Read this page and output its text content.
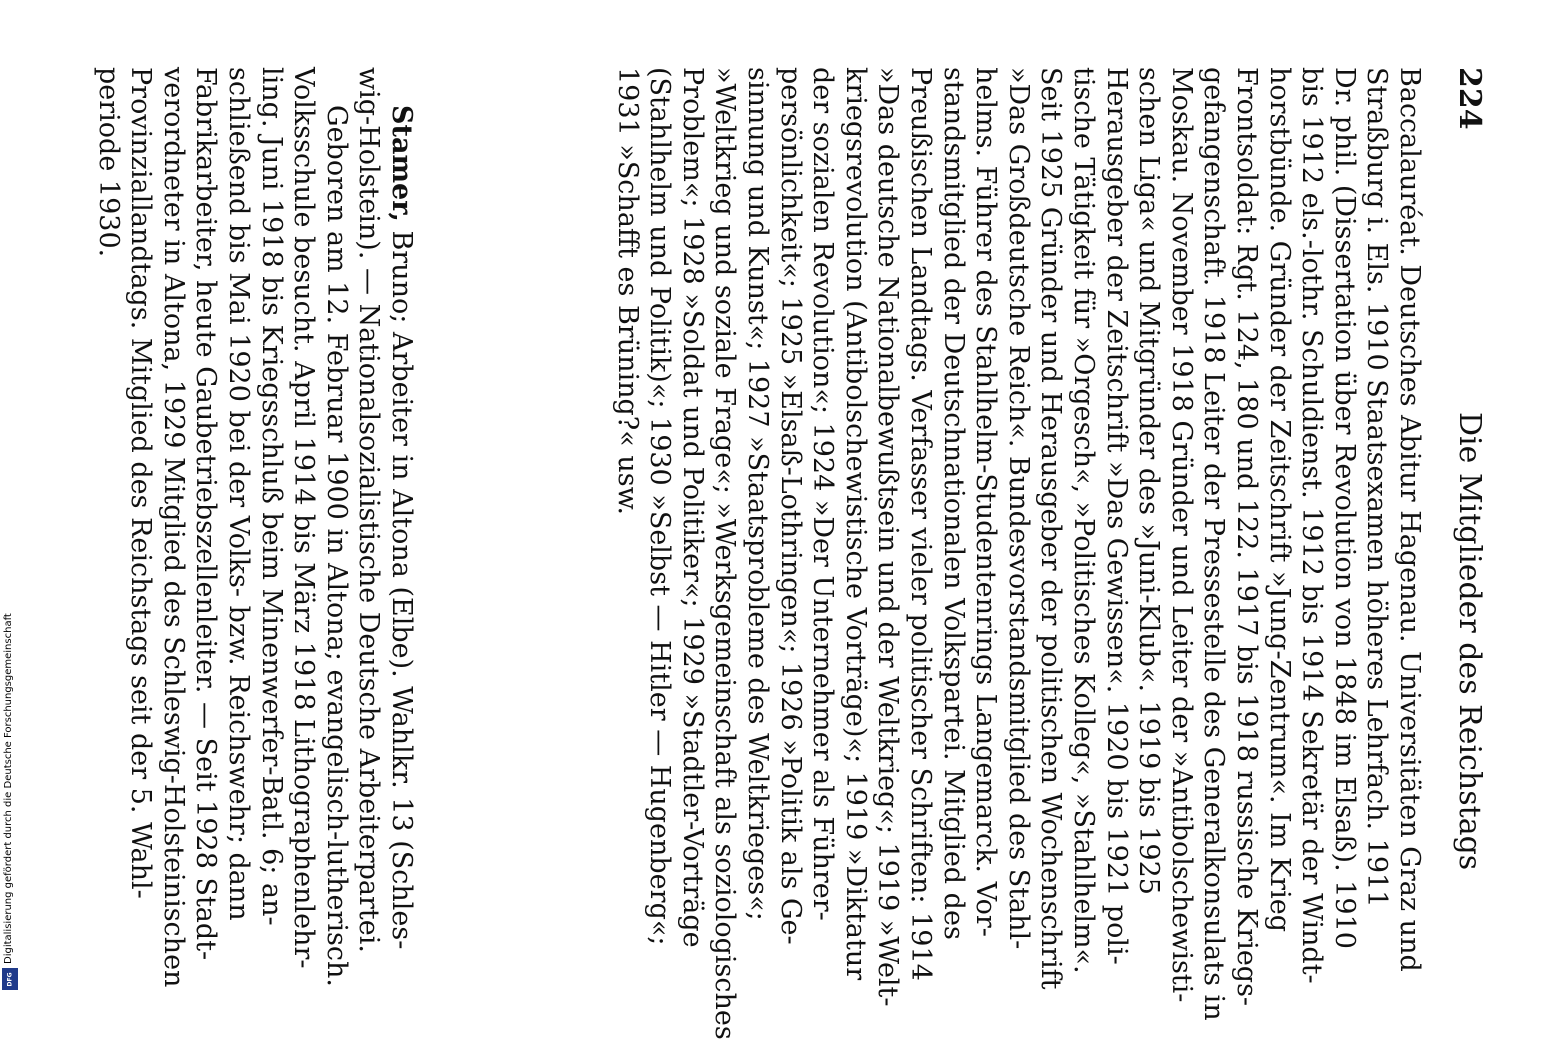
224
Die Mitglieder des Reichstags
Stamer, Bruno; Arbeiter in Altona (Elbe). Wahlkr. 13 (Schles-	Baccalauréat. Deutsches Abitur Hagenau. Universitäten Graz und
Straßburg i. Els. 1910 Staatsexamen höheres Lehrfach. 1911
Dr. phil. (Dissertation über Revolution von 1848 im Elsaß). 1910
bis 1912 els.-lothr. Schuldienst. 1912 bis 1914 Sekretär der Windt-
horstbünde. Gründer der Zeitschrift »Jung-Zentrum«. Im Krieg
Frontsoldat: Rgt. 124, 180 und 122. 1917 bis 1918 russische Kriegs-
gefangenschaft. 1918 Leiter der Pressestelle des Generalkonsulats in
Moskau. November 1918 Gründer und Leiter der »Antibolschewisti-
schen Liga« und Mitgründer des »Juni-Klub«. 1919 bis 1925
Herausgeber der Zeitschrift »Das Gewissen«. 1920 bis 1921 poli-
tische Tätigkeit für »Orgesch«, »Politisches Kolleg«, »Stahlhelm«.
Seit 1925 Gründer und Herausgeber der politischen Wochenschrift
»Das Großdeutsche Reich«. Bundesvorstandsmitglied des Stahl-
helms. Führer des Stahlhelm-Studentenrings Langemarck. Vor-
standsmitglied der Deutschnationalen Volkspartei. Mitglied des
Preußischen Landtags. Verfasser vieler politischer Schriften: 1914
»Das deutsche Nationalbewußtsein und der Weltkrieg«; 1919 »Welt-
kriegsrevolution (Antibolschewistische Vorträge)«; 1919 »Diktatur
der sozialen Revolution«; 1924 »Der Unternehmer als Führer-
persönlichkeit«; 1925 »Elsaß-Lothringen«; 1926 »Politik als Ge-
sinnung und Kunst«; 1927 »Staatsprobleme des Weltkrieges«;
»Weltkrieg und soziale Frage«; »Werksgemeinschaft als soziologisches
Problem«; 1928 »Soldat und Politiker«; 1929 »Stadtler-Vorträge
(Stahlhelm und Politik)«; 1930 »Selbst — Hitler — Hugenberg«;
1931 »Schafft es Brüning?« usw.
wig-Holstein). — Nationalsozialistische Deutsche Arbeiterpartei.
Geboren am 12. Februar 1900 in Altona; evangelisch-lutherisch.
Volksschule besucht. April 1914 bis März 1918 Lithographenlehr-
ling. Juni 1918 bis Kriegsschluß beim Minenwerfer-Batl. 6; an-
schließend bis Mai 1920 bei der Volks- bzw. Reichswehr; dann
Fabrikarbeiter, heute Gaubetriebszellenleiter. — Seit 1928 Stadt-
verordneter in Altona, 1929 Mitglied des Schleswig-Holsteinischen
Provinziallandtags. Mitglied des Reichstags seit der 5. Wahl-
periode 1930.
Digitalisierung gefördert durch die Deutsche Forschungsgemeinschaft
DFG
